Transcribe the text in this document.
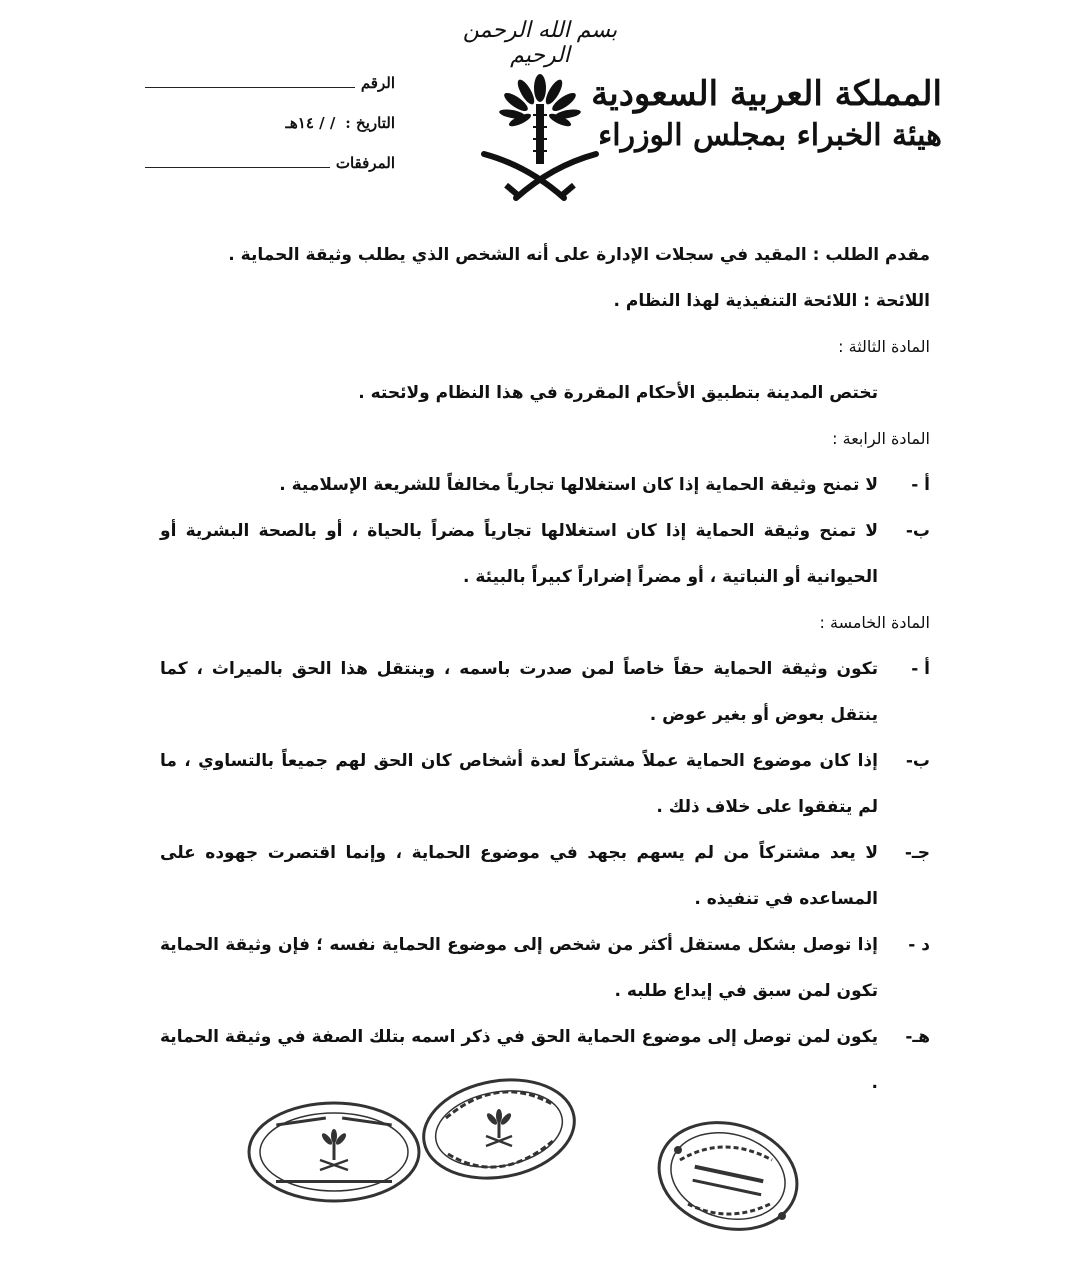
بسم الله الرحمن الرحيم
المملكة العربية السعودية
هيئة الخبراء بمجلس الوزراء
الرقم
التاريخ :
/ / ١٤هـ
المرفقات
مقدم الطلب : المقيد في سجلات الإدارة على أنه الشخص الذي يطلب وثيقة الحماية .
اللائحة : اللائحة التنفيذية لهذا النظام .
المادة الثالثة :
تختص المدينة بتطبيق الأحكام المقررة في هذا النظام ولائحته .
المادة الرابعة :
أ -
لا تمنح وثيقة الحماية إذا كان استغلالها تجارياً مخالفاً للشريعة الإسلامية .
ب-
لا تمنح وثيقة الحماية إذا كان استغلالها تجارياً مضراً بالحياة ، أو بالصحة البشرية أو الحيوانية أو النباتية ، أو مضراً إضراراً كبيراً بالبيئة .
المادة الخامسة :
أ -
تكون وثيقة الحماية حقاً خاصاً لمن صدرت باسمه ، وينتقل هذا الحق بالميراث ، كما ينتقل بعوض أو بغير عوض .
ب-
إذا كان موضوع الحماية عملاً مشتركاً لعدة أشخاص كان الحق لهم جميعاً بالتساوي ، ما لم يتفقوا على خلاف ذلك .
جـ-
لا يعد مشتركاً من لم يسهم بجهد في موضوع الحماية ، وإنما اقتصرت جهوده على المساعده في تنفيذه .
د -
إذا توصل بشكل مستقل أكثر من شخص إلى موضوع الحماية نفسه ؛ فإن وثيقة الحماية تكون لمن سبق في إيداع طلبه .
هـ-
يكون لمن توصل إلى موضوع الحماية الحق في ذكر اسمه بتلك الصفة في وثيقة الحماية .
